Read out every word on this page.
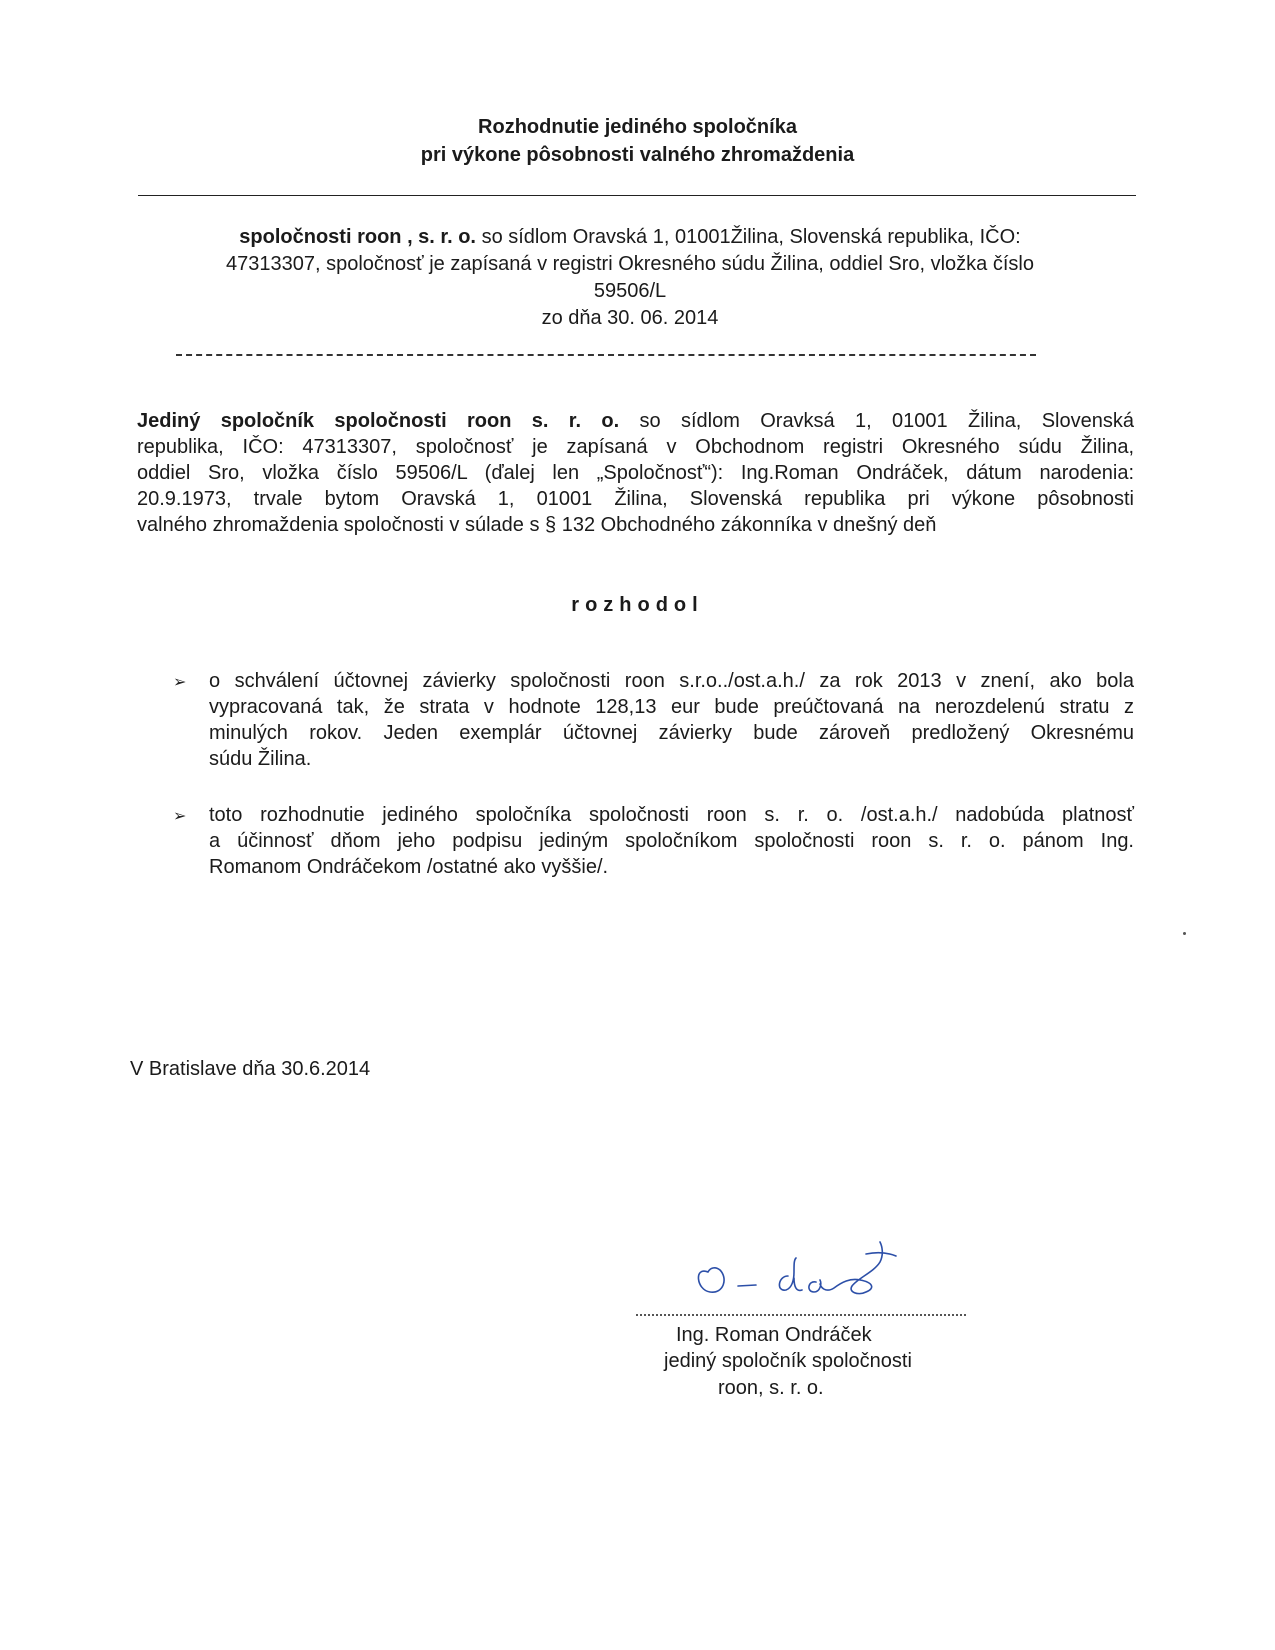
Rozhodnutie jediného spoločníka
pri výkone pôsobnosti valného zhromaždenia
spoločnosti roon , s. r. o. so sídlom Oravská 1, 01001Žilina, Slovenská republika, IČO:
47313307, spoločnosť je zapísaná v registri Okresného súdu Žilina, oddiel Sro, vložka číslo
59506/L
zo dňa 30. 06. 2014
Jediný spoločník spoločnosti roon s. r. o. so sídlom Oravksá 1, 01001 Žilina, Slovenská
republika, IČO: 47313307, spoločnosť je zapísaná v Obchodnom registri Okresného súdu Žilina,
oddiel Sro, vložka číslo 59506/L (ďalej len „Spoločnosť“): Ing.Roman Ondráček, dátum narodenia:
20.9.1973, trvale bytom Oravská 1, 01001 Žilina, Slovenská republika pri výkone pôsobnosti
valného zhromaždenia spoločnosti v súlade s § 132 Obchodného zákonníka v dnešný deň
rozhodol
➢ o schválení účtovnej závierky spoločnosti roon s.r.o../ost.a.h./ za rok 2013 v znení, ako bola
vypracovaná tak, že strata v hodnote 128,13 eur bude preúčtovaná na nerozdelenú stratu z
minulých rokov. Jeden exemplár účtovnej závierky bude zároveň predložený Okresnému
súdu Žilina.
➢ toto rozhodnutie jediného spoločníka spoločnosti roon s. r. o. /ost.a.h./ nadobúda platnosť
a účinnosť dňom jeho podpisu jediným spoločníkom spoločnosti roon s. r. o. pánom Ing.
Romanom Ondráčekom /ostatné ako vyššie/.
V Bratislave dňa 30.6.2014
Ing. Roman Ondráček
jediný spoločník spoločnosti
roon, s. r. o.
